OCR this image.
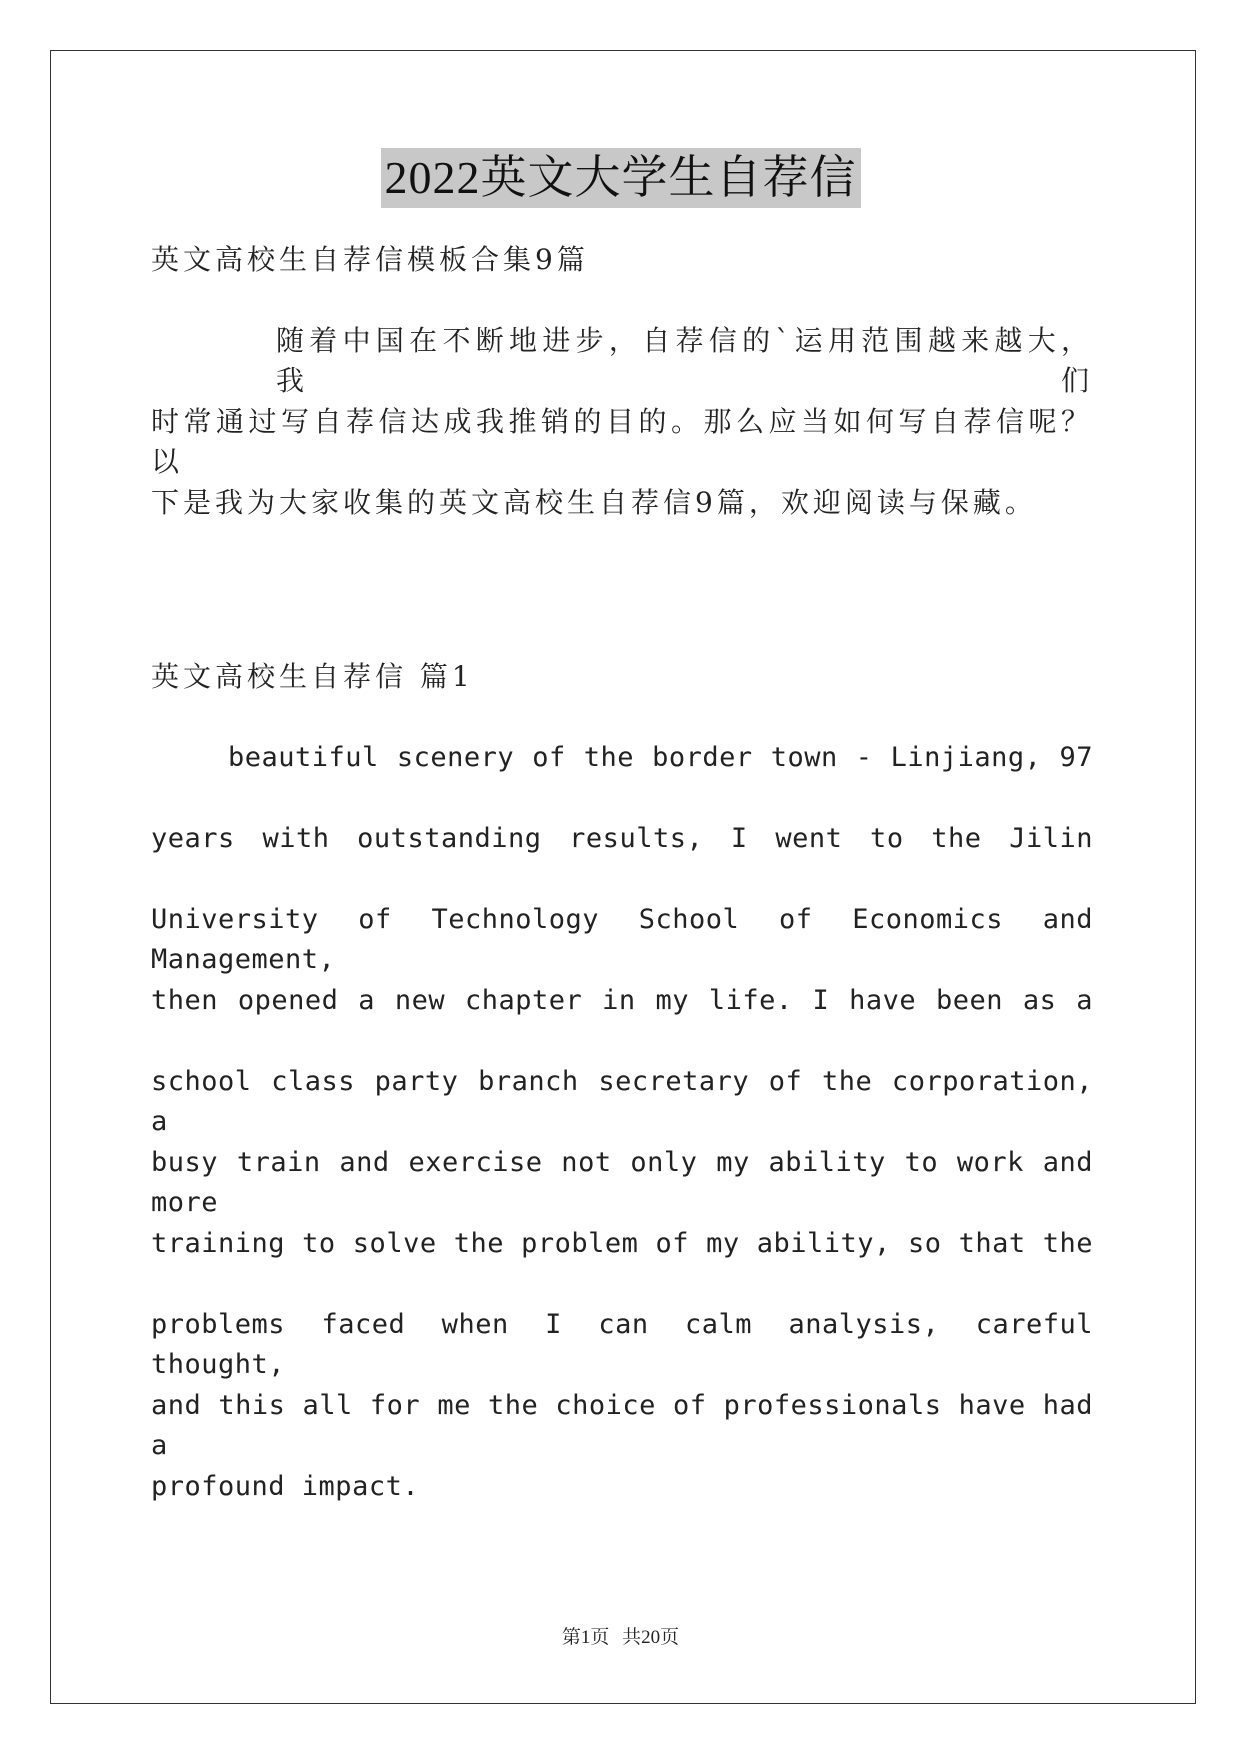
2022英文大学生自荐信
英文高校生自荐信模板合集9篇
随着中国在不断地进步，自荐信的`运用范围越来越大，我们
时常通过写自荐信达成我推销的目的。那么应当如何写自荐信呢？以
下是我为大家收集的英文高校生自荐信9篇，欢迎阅读与保藏。
英文高校生自荐信 篇1
beautiful scenery of the border town - Linjiang, 97
years with outstanding results, I went to the Jilin
University of Technology School of Economics and Management,
then opened a new chapter in my life. I have been as a
school class party branch secretary of the corporation, a
busy train and exercise not only my ability to work and more
training to solve the problem of my ability, so that the
problems faced when I can calm analysis, careful thought,
and this all for me the choice of professionals have had a
profound impact.
第1页 共20页
